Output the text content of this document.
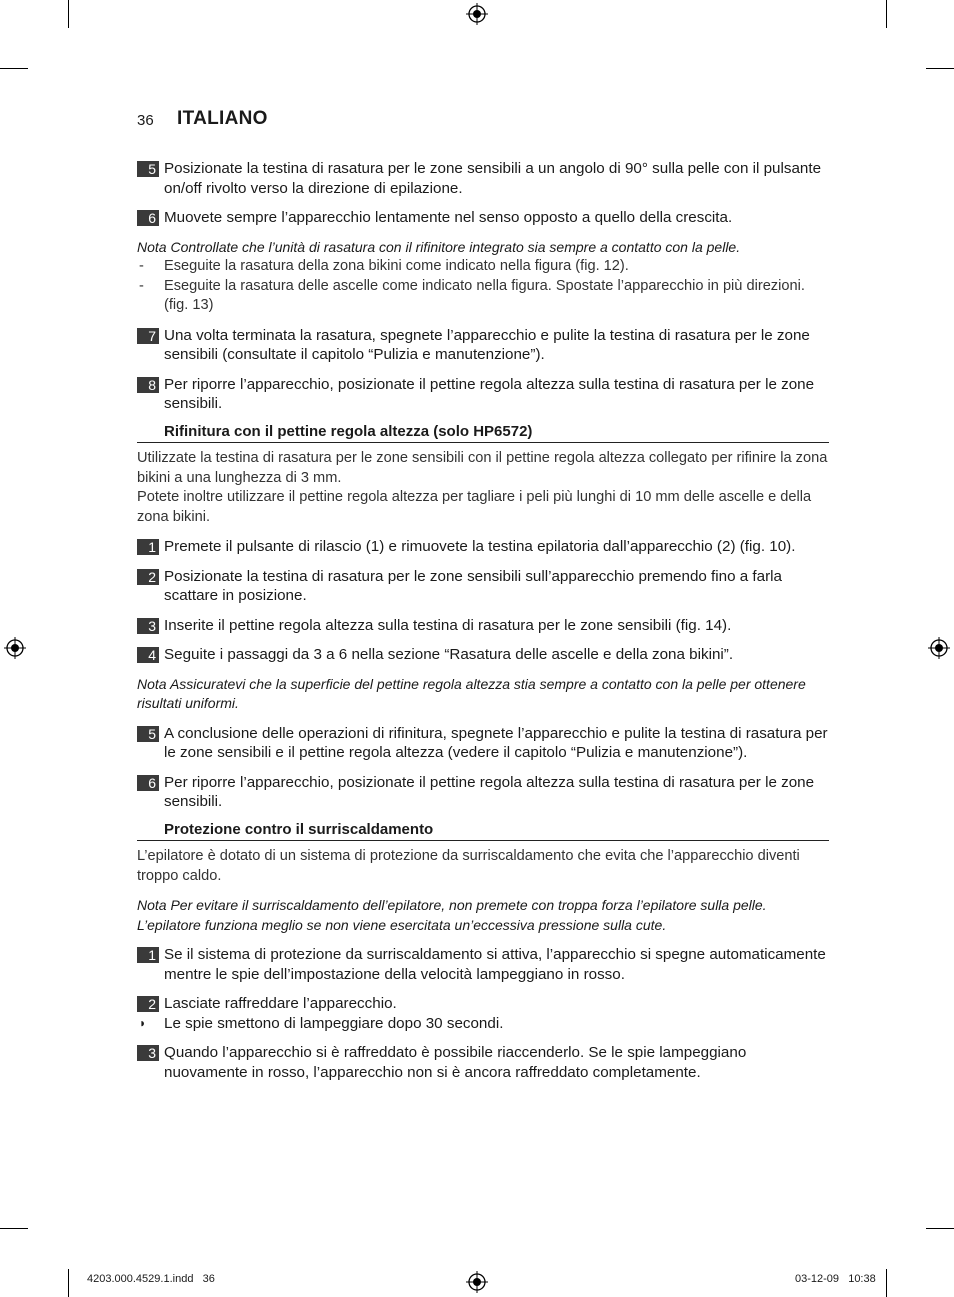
36 ITALIANO
5 Posizionate la testina di rasatura per le zone sensibili a un angolo di 90° sulla pelle con il pulsante on/off rivolto verso la direzione di epilazione.
6 Muovete sempre l’apparecchio lentamente nel senso opposto a quello della crescita.
Nota Controllate che l’unità di rasatura con il rifinitore integrato sia sempre a contatto con la pelle.
- Eseguite la rasatura della zona bikini come indicato nella figura (fig. 12).
- Eseguite la rasatura delle ascelle come indicato nella figura. Spostate l’apparecchio in più direzioni. (fig. 13)
7 Una volta terminata la rasatura, spegnete l’apparecchio e pulite la testina di rasatura per le zone sensibili (consultate il capitolo “Pulizia e manutenzione”).
8 Per riporre l’apparecchio, posizionate il pettine regola altezza sulla testina di rasatura per le zone sensibili.
Rifinitura con il pettine regola altezza (solo HP6572)
Utilizzate la testina di rasatura per le zone sensibili con il pettine regola altezza collegato per rifinire la zona bikini a una lunghezza di 3 mm.
Potete inoltre utilizzare il pettine regola altezza per tagliare i peli più lunghi di 10 mm delle ascelle e della zona bikini.
1 Premete il pulsante di rilascio (1) e rimuovete la testina epilatoria dall’apparecchio (2) (fig. 10).
2 Posizionate la testina di rasatura per le zone sensibili sull’apparecchio premendo fino a farla scattare in posizione.
3 Inserite il pettine regola altezza sulla testina di rasatura per le zone sensibili (fig. 14).
4 Seguite i passaggi da 3 a 6 nella sezione “Rasatura delle ascelle e della zona bikini”.
Nota Assicuratevi che la superficie del pettine regola altezza stia sempre a contatto con la pelle per ottenere risultati uniformi.
5 A conclusione delle operazioni di rifinitura, spegnete l’apparecchio e pulite la testina di rasatura per le zone sensibili e il pettine regola altezza (vedere il capitolo “Pulizia e manutenzione”).
6 Per riporre l’apparecchio, posizionate il pettine regola altezza sulla testina di rasatura per le zone sensibili.
Protezione contro il surriscaldamento
L’epilatore è dotato di un sistema di protezione da surriscaldamento che evita che l’apparecchio diventi troppo caldo.
Nota Per evitare il surriscaldamento dell’epilatore, non premete con troppa forza l’epilatore sulla pelle. L’epilatore funziona meglio se non viene esercitata un’eccessiva pressione sulla cute.
1 Se il sistema di protezione da surriscaldamento si attiva, l’apparecchio si spegne automaticamente mentre le spie dell’impostazione della velocità lampeggiano in rosso.
2 Lasciate raffreddare l’apparecchio.
◗ Le spie smettono di lampeggiare dopo 30 secondi.
3 Quando l’apparecchio si è raffreddato è possibile riaccenderlo. Se le spie lampeggiano nuovamente in rosso, l’apparecchio non si è ancora raffreddato completamente.
4203.000.4529.1.indd   36	03-12-09   10:38
